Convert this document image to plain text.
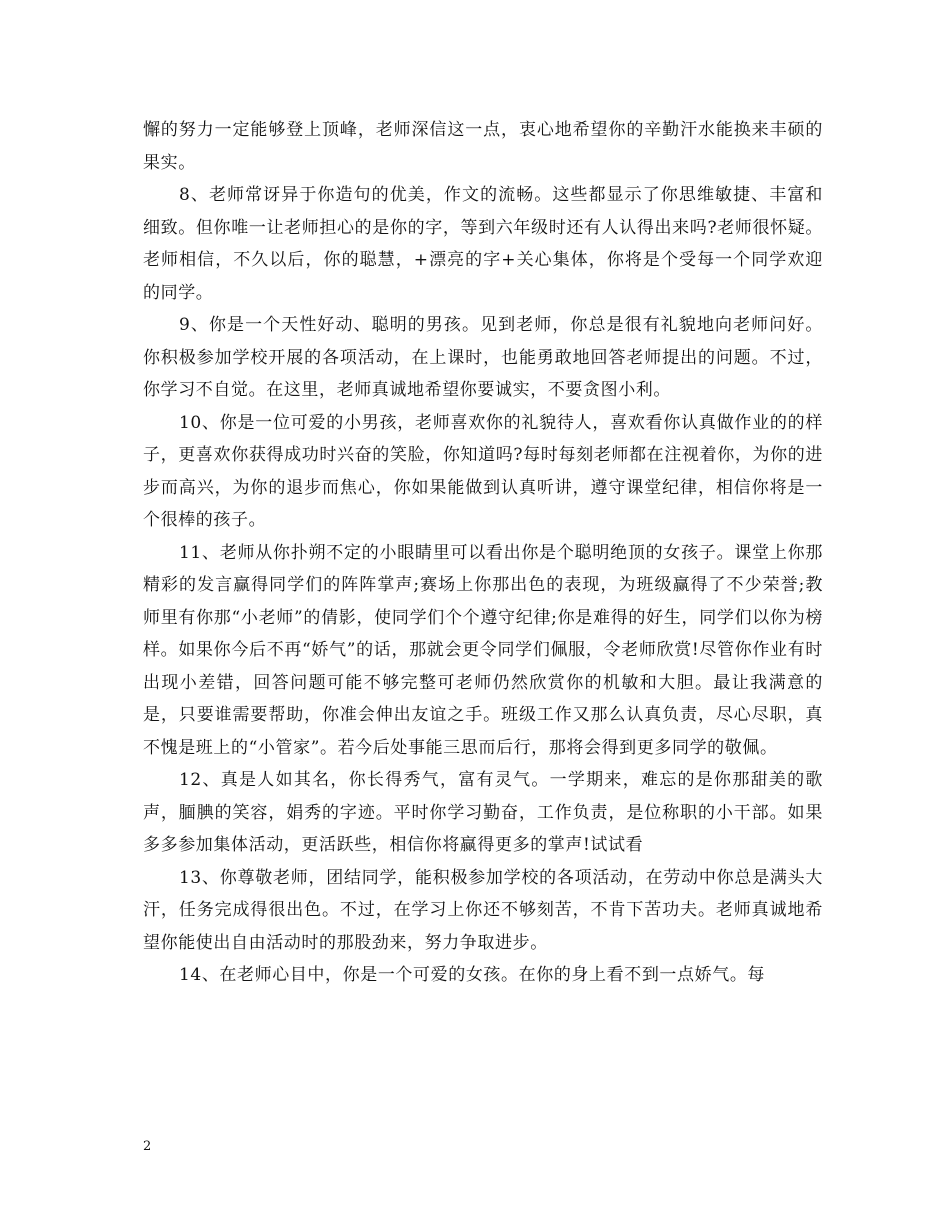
懈的努力一定能够登上顶峰，老师深信这一点，衷心地希望你的辛勤汗水能换来丰硕的果实。

8、老师常讶异于你造句的优美，作文的流畅。这些都显示了你思维敏捷、丰富和细致。但你唯一让老师担心的是你的字，等到六年级时还有人认得出来吗?老师很怀疑。老师相信，不久以后，你的聪慧，+漂亮的字+关心集体，你将是个受每一个同学欢迎的同学。

9、你是一个天性好动、聪明的男孩。见到老师，你总是很有礼貌地向老师问好。你积极参加学校开展的各项活动，在上课时，也能勇敢地回答老师提出的问题。不过，你学习不自觉。在这里，老师真诚地希望你要诚实，不要贪图小利。

10、你是一位可爱的小男孩，老师喜欢你的礼貌待人，喜欢看你认真做作业的的样子，更喜欢你获得成功时兴奋的笑脸，你知道吗?每时每刻老师都在注视着你，为你的进步而高兴，为你的退步而焦心，你如果能做到认真听讲，遵守课堂纪律，相信你将是一个很棒的孩子。

11、老师从你扑朔不定的小眼睛里可以看出你是个聪明绝顶的女孩子。课堂上你那精彩的发言赢得同学们的阵阵掌声;赛场上你那出色的表现，为班级赢得了不少荣誉;教师里有你那“小老师”的倩影，使同学们个个遵守纪律;你是难得的好生，同学们以你为榜样。如果你今后不再“娇气”的话，那就会更令同学们佩服，令老师欣赏!尽管你作业有时出现小差错，回答问题可能不够完整可老师仍然欣赏你的机敏和大胆。最让我满意的是，只要谁需要帮助，你准会伸出友谊之手。班级工作又那么认真负责，尽心尽职，真不愧是班上的“小管家”。若今后处事能三思而后行，那将会得到更多同学的敬佩。

12、真是人如其名，你长得秀气，富有灵气。一学期来，难忘的是你那甜美的歌声，腼腆的笑容，娟秀的字迹。平时你学习勤奋，工作负责，是位称职的小干部。如果多多参加集体活动，更活跃些，相信你将赢得更多的掌声!试试看

13、你尊敬老师，团结同学，能积极参加学校的各项活动，在劳动中你总是满头大汗，任务完成得很出色。不过，在学习上你还不够刻苦，不肯下苦功夫。老师真诚地希望你能使出自由活动时的那股劲来，努力争取进步。

14、在老师心目中，你是一个可爱的女孩。在你的身上看不到一点娇气。每

2
